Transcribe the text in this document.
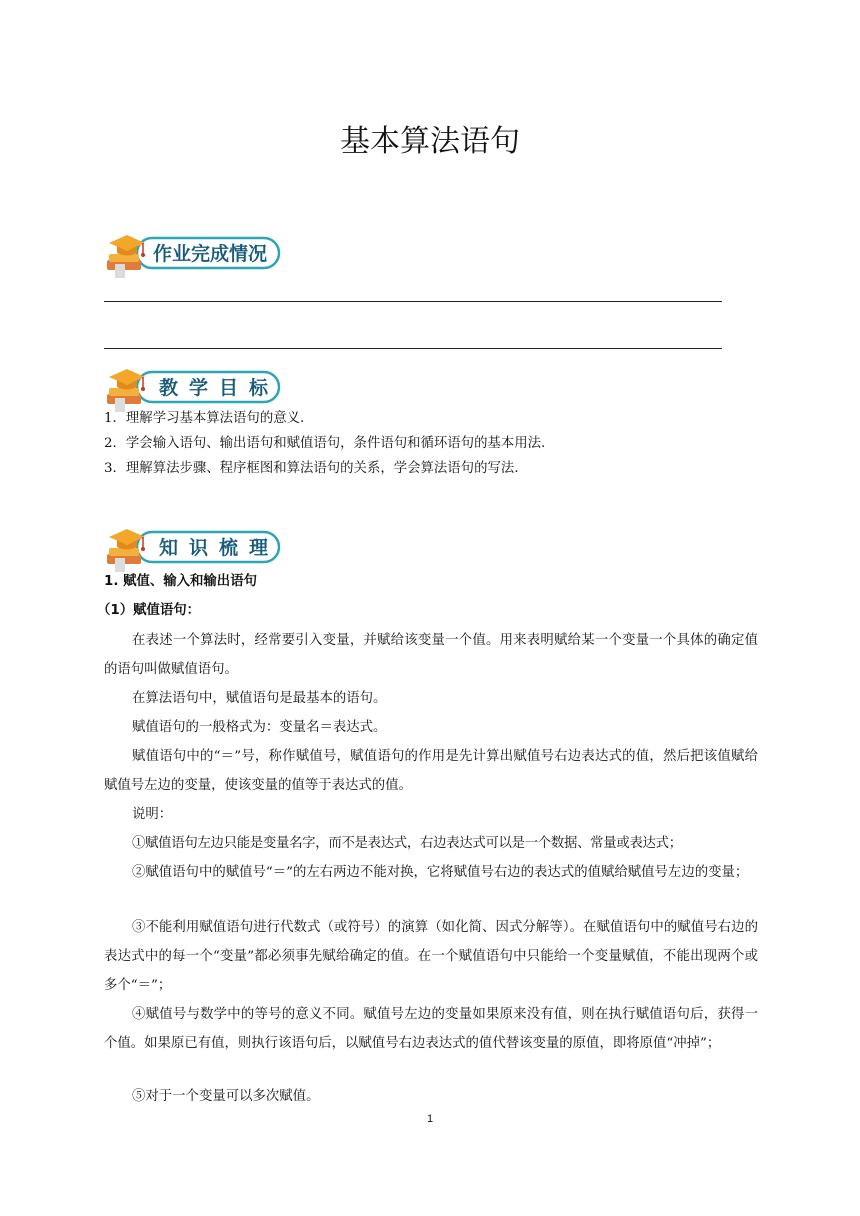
基本算法语句
作业完成情况
教学目标
1．理解学习基本算法语句的意义.
2．学会输入语句、输出语句和赋值语句，条件语句和循环语句的基本用法.
3．理解算法步骤、程序框图和算法语句的关系，学会算法语句的写法.
知识梳理
1. 赋值、输入和输出语句
（1）赋值语句：
在表述一个算法时，经常要引入变量，并赋给该变量一个值。用来表明赋给某一个变量一个具体的确定值的语句叫做赋值语句。
在算法语句中，赋值语句是最基本的语句。
赋值语句的一般格式为：变量名＝表达式。
赋值语句中的“＝”号，称作赋值号，赋值语句的作用是先计算出赋值号右边表达式的值，然后把该值赋给赋值号左边的变量，使该变量的值等于表达式的值。
说明：
①赋值语句左边只能是变量名字，而不是表达式，右边表达式可以是一个数据、常量或表达式；
②赋值语句中的赋值号“＝”的左右两边不能对换，它将赋值号右边的表达式的值赋给赋值号左边的变量；
③不能利用赋值语句进行代数式（或符号）的演算（如化简、因式分解等）。在赋值语句中的赋值号右边的表达式中的每一个“变量”都必须事先赋给确定的值。在一个赋值语句中只能给一个变量赋值，不能出现两个或多个“＝”；
④赋值号与数学中的等号的意义不同。赋值号左边的变量如果原来没有值，则在执行赋值语句后，获得一个值。如果原已有值，则执行该语句后，以赋值号右边表达式的值代替该变量的原值，即将原值“冲掉”；
⑤对于一个变量可以多次赋值。
1
